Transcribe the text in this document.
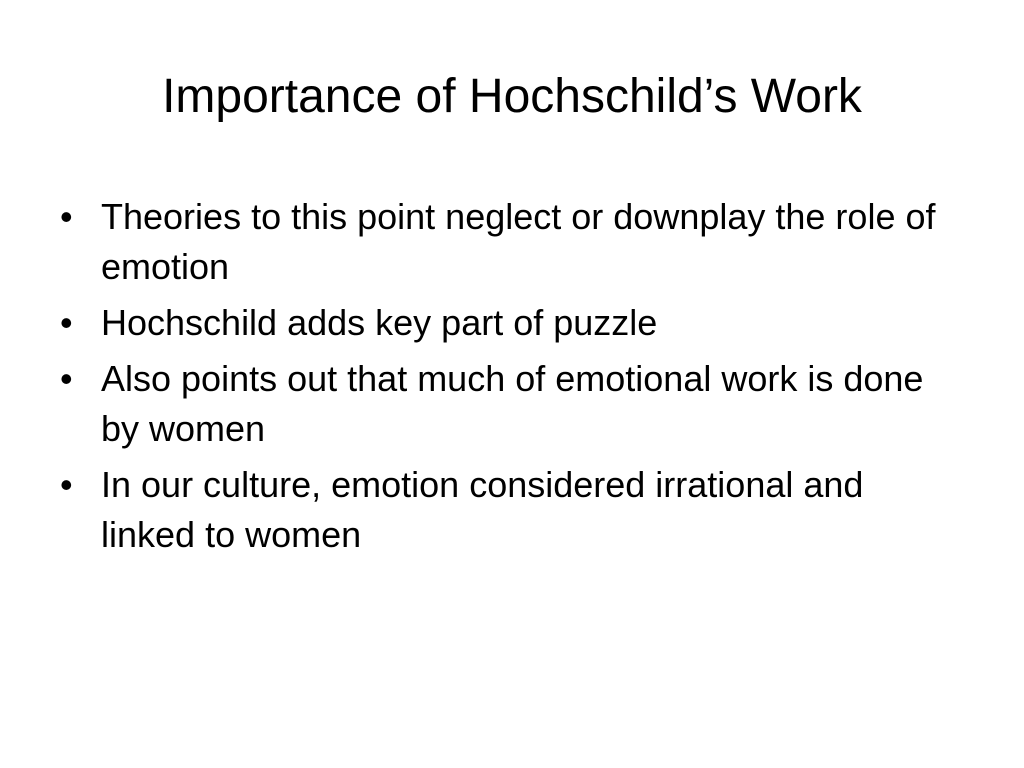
Importance of Hochschild’s Work
• Theories to this point neglect or downplay the role of emotion
• Hochschild adds key part of puzzle
• Also points out that much of emotional work is done by women
• In our culture, emotion considered irrational and linked to women
